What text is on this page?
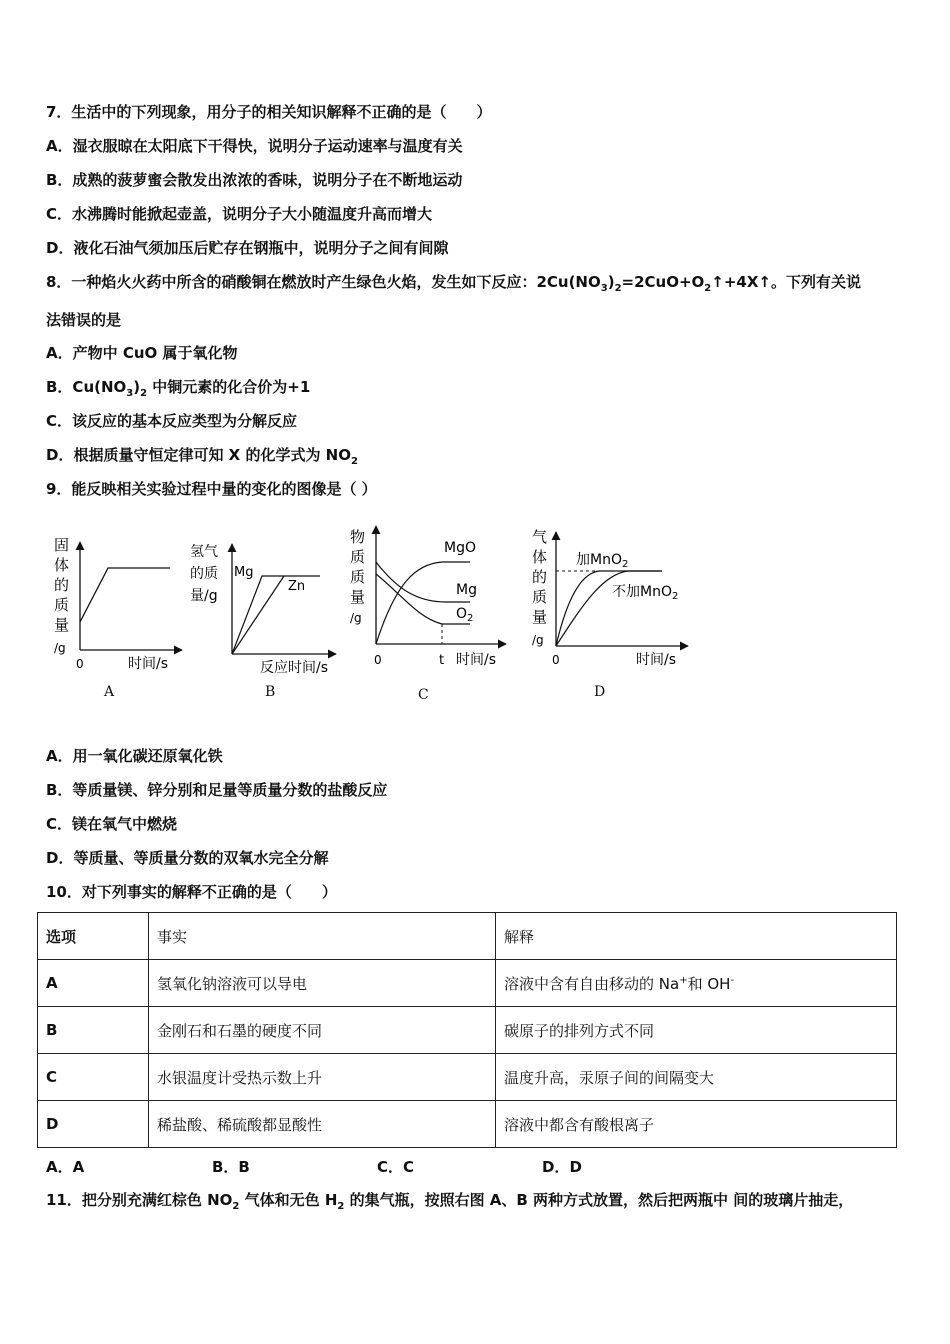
7．生活中的下列现象，用分子的相关知识解释不正确的是（　　）
A．湿衣服晾在太阳底下干得快，说明分子运动速率与温度有关
B．成熟的菠萝蜜会散发出浓浓的香味，说明分子在不断地运动
C．水沸腾时能掀起壶盖，说明分子大小随温度升高而增大
D．液化石油气须加压后贮存在钢瓶中，说明分子之间有间隙
8．一种焰火火药中所含的硝酸铜在燃放时产生绿色火焰，发生如下反应：$2Cu(NO_3)_2=2CuO+O_2↑+4X↑$。下列有关说
法错误的是
A．产物中 CuO 属于氧化物
B．$Cu(NO_3)_2$ 中铜元素的化合价为+1
C．该反应的基本反应类型为分解反应
D．根据质量守恒定律可知 X 的化学式为 $NO_2$
9．能反映相关实验过程中量的变化的图像是（ ）
固
体
的
质
量
/g
0	时间/s
A
氢气
的质
量/g
Mg
Zn
反应时间/s
B
物
质
质
量
/g
MgO
Mg
$O_2$
0	t 时间/s
C
气
体
的
质
量
/g
加MnO$_2$
不加MnO$_2$
0	时间/s
D
A．用一氧化碳还原氧化铁
B．等质量镁、锌分别和足量等质量分数的盐酸反应
C．镁在氧气中燃烧
D．等质量、等质量分数的双氧水完全分解
10．对下列事实的解释不正确的是（　　）
选项	事实	解释
A	氢氧化钠溶液可以导电	溶液中含有自由移动的 Na+和 OH-
B	金刚石和石墨的硬度不同	碳原子的排列方式不同
C	水银温度计受热示数上升	温度升高，汞原子间的间隔变大
D	稀盐酸、稀硫酸都显酸性	溶液中都含有酸根离子
A．A	B．B	C．C	D．D
11．把分别充满红棕色 $NO_2$ 气体和无色 $H_2$ 的集气瓶，按照右图 A、B 两种方式放置，然后把两瓶中 间的玻璃片抽走，
